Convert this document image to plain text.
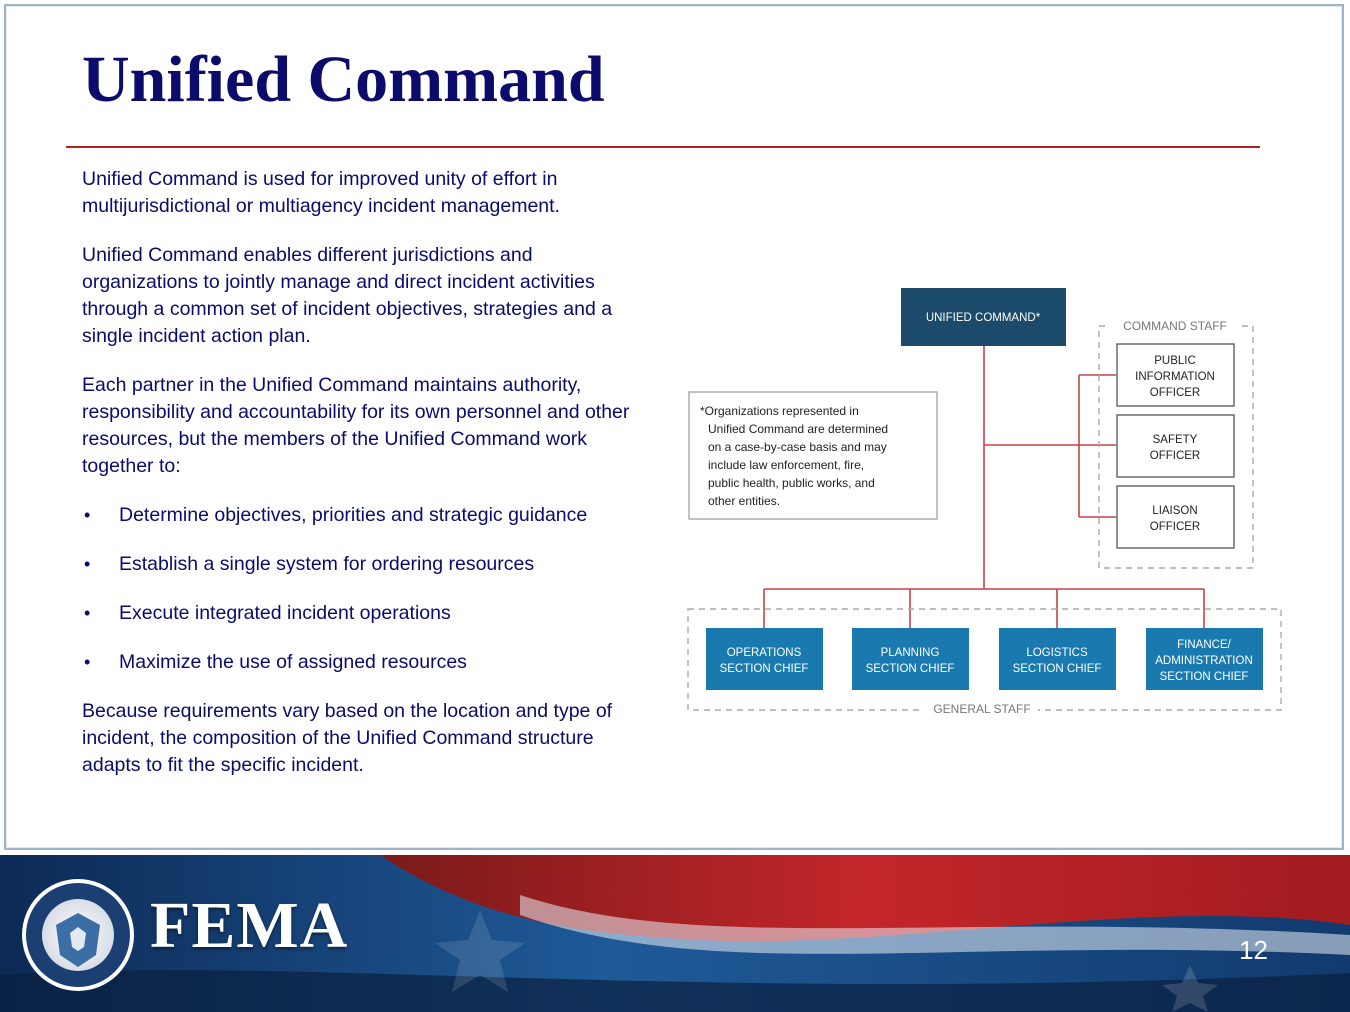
Unified Command

Unified Command is used for improved unity of effort in multijurisdictional or multiagency incident management.

Unified Command enables different jurisdictions and organizations to jointly manage and direct incident activities through a common set of incident objectives, strategies and a single incident action plan.

Each partner in the Unified Command maintains authority, responsibility and accountability for its own personnel and other resources, but the members of the Unified Command work together to:

• Determine objectives, priorities and strategic guidance
• Establish a single system for ordering resources
• Execute integrated incident operations
• Maximize the use of assigned resources

Because requirements vary based on the location and type of incident, the composition of the Unified Command structure adapts to fit the specific incident.

UNIFIED COMMAND*
*Organizations represented in
Unified Command are determined
on a case-by-case basis and may
include law enforcement, fire,
public health, public works, and
other entities.
COMMAND STAFF
PUBLIC
INFORMATION
OFFICER
SAFETY
OFFICER
LIAISON
OFFICER
GENERAL STAFF
OPERATIONS
SECTION CHIEF
PLANNING
SECTION CHIEF
LOGISTICS
SECTION CHIEF
FINANCE/
ADMINISTRATION
SECTION CHIEF
FEMA	12
